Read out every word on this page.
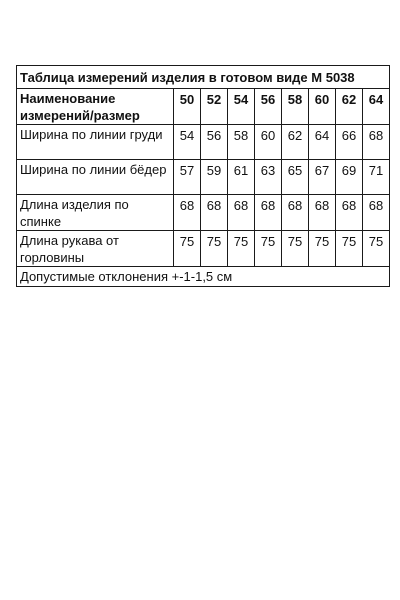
Таблица измерений изделия в готовом виде М 5038								

Наименование измерений/размер	50	52	54	56	58	60	62	64

Ширина по линии груди	54	56	58	60	62	64	66	68

Ширина по линии бёдер	57	59	61	63	65	67	69	71

Длина изделия по спинке	68	68	68	68	68	68	68	68

Длина рукава от горловины	75	75	75	75	75	75	75	75
Допустимые отклонения +-1-1,5 см								
